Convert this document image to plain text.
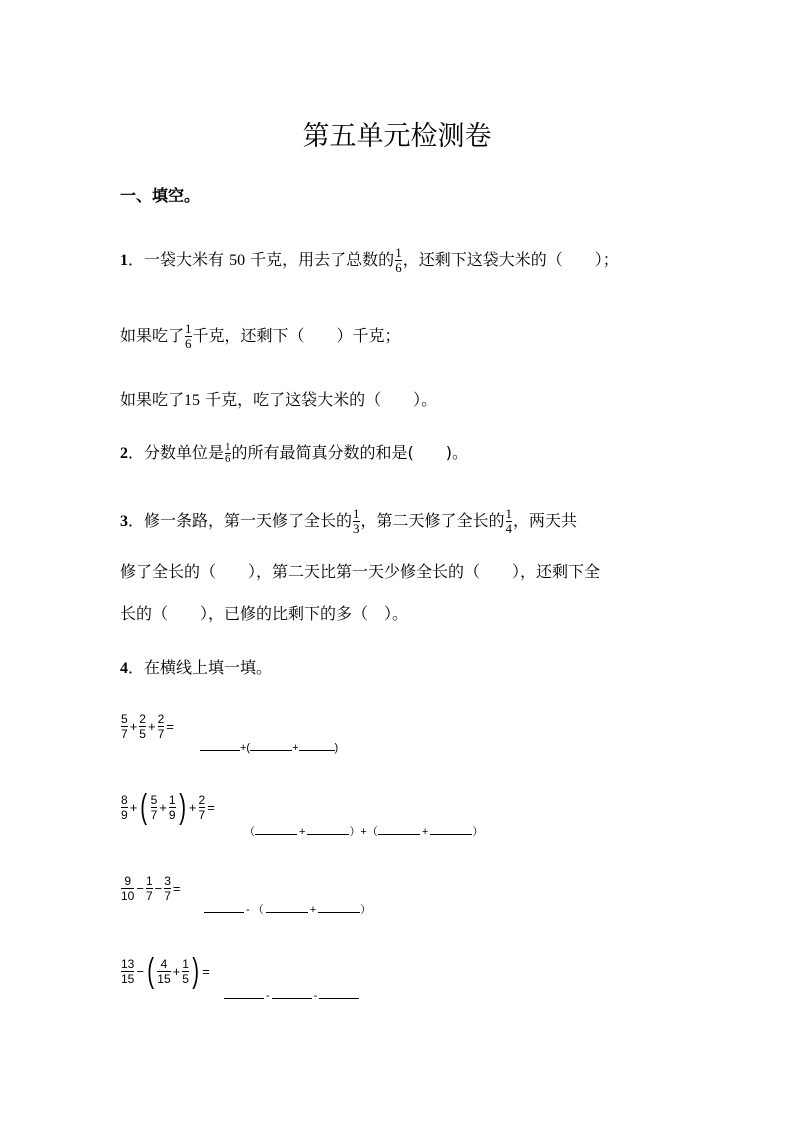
第五单元检测卷
一、填空。
1．一袋大米有 50 千克，用去了总数的 $\frac{1}{6}$ ，还剩下这袋大米的（　　）；
如果吃了 $\frac{1}{6}$ 千克，还剩下（　　）千克；
如果吃了15 千克，吃了这袋大米的（　　）。
2．分数单位是 $\frac{1}{6}$ 的所有最简真分数的和是(　　)。
3．修一条路，第一天修了全长的 $\frac{1}{3}$ ，第二天修了全长的 $\frac{1}{4}$ ，两天共
修了全长的（　　），第二天比第一天少修全长的（　　），还剩下全
长的（　　），已修的比剩下的多（　）。
4．在横线上填一填。
$\frac{5}{7} + \frac{2}{5} + \frac{2}{7}$ =
+(	+	)
$\frac{8}{9}$ + ( $\frac{5}{7} + \frac{1}{9}$ ) + $\frac{2}{7}$ =
（	+	）+（	+	）
$\frac{9}{10} - \frac{1}{7} - \frac{3}{7}$ =
- （	+	）
$\frac{13}{15}$ − ( $\frac{4}{15} + \frac{1}{5}$ ) =
-	-
